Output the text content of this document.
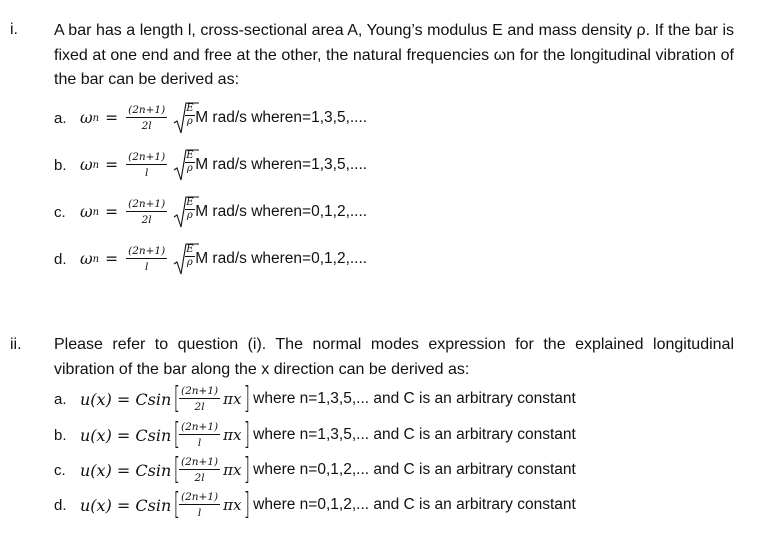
i. A bar has a length l, cross-sectional area A, Young’s modulus E and mass density ρ. If the bar is fixed at one end and free at the other, the natural frequencies ωn for the longitudinal vibration of the bar can be derived as:
a. ω $n = \frac{(2n+1)}{2l} \frac{E}{\rho}$ M rad/s where n=1,3,5,....
b. ω $n = \frac{(2n+1)}{l} \frac{E}{\rho}$ M rad/s where n=1,3,5,....
c. ω $n = \frac{(2n+1)}{2l} \frac{E}{\rho}$ M rad/s where n=0,1,2,....
d. ω $n = \frac{(2n+1)}{l} \frac{E}{\rho}$ M rad/s where n=0,1,2,....
ii. Please refer to question (i). The normal modes expression for the explained longitudinal vibration of the bar along the x direction can be derived as:
a. u(x) = Csin [
$\frac{(2n+1)}{2l}$ πx ] where n=1,3,5,... and C is an arbitrary constant
b. u(x) = Csin [
$\frac{(2n+1)}{l}$ πx ] where n=1,3,5,... and C is an arbitrary constant
c. u(x) = Csin [
$\frac{(2n+1)}{2l}$ πx ] where n=0,1,2,... and C is an arbitrary constant
d. u(x) = Csin [
$\frac{(2n+1)}{l}$ πx ] where n=0,1,2,... and C is an arbitrary constant
